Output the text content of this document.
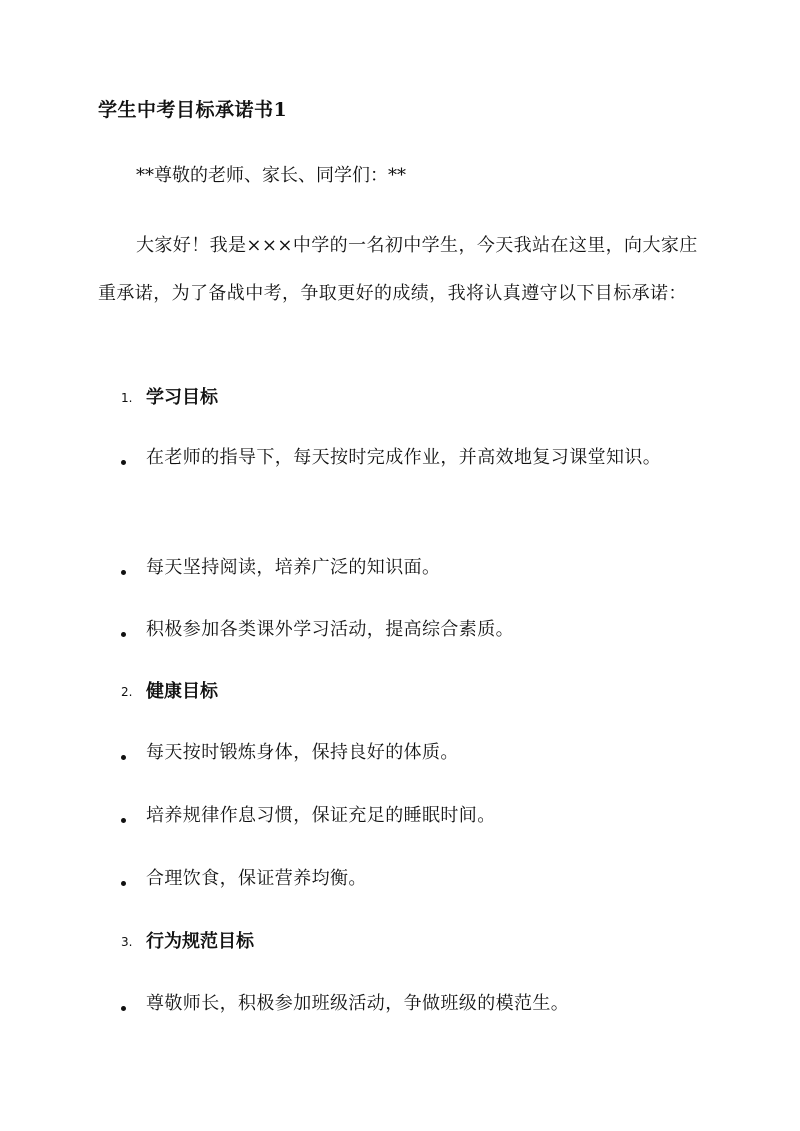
学生中考目标承诺书1
**尊敬的老师、家长、同学们：**
大家好！我是×××中学的一名初中学生，今天我站在这里，向大家庄重承诺，为了备战中考，争取更好的成绩，我将认真遵守以下目标承诺：
1. 学习目标
在老师的指导下，每天按时完成作业，并高效地复习课堂知识。
每天坚持阅读，培养广泛的知识面。
积极参加各类课外学习活动，提高综合素质。
2. 健康目标
每天按时锻炼身体，保持良好的体质。
培养规律作息习惯，保证充足的睡眠时间。
合理饮食，保证营养均衡。
3. 行为规范目标
尊敬师长，积极参加班级活动，争做班级的模范生。
